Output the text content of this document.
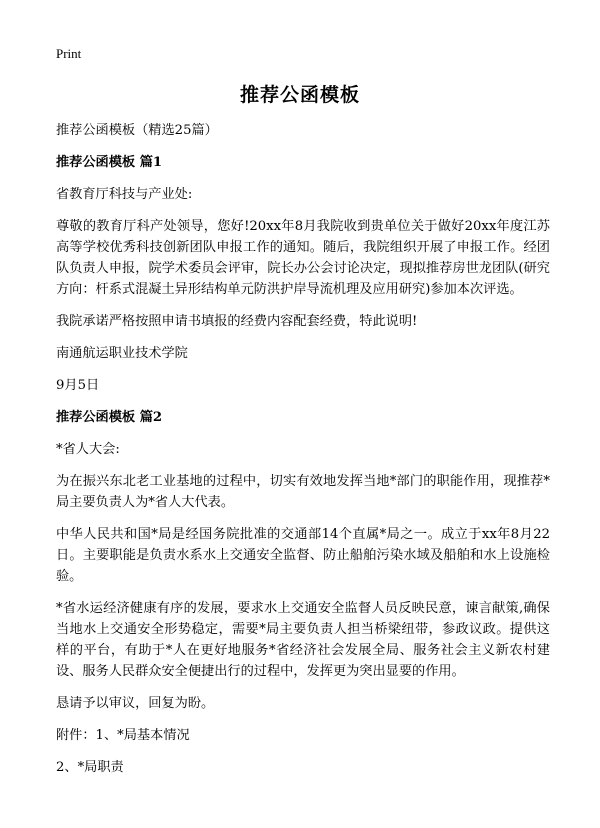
Print
推荐公函模板

推荐公函模板（精选25篇）

推荐公函模板 篇1

省教育厅科技与产业处:

尊敬的教育厅科产处领导，您好!20xx年8月我院收到贵单位关于做好20xx年度江苏高等学校优秀科技创新团队申报工作的通知。随后，我院组织开展了申报工作。经团队负责人申报，院学术委员会评审，院长办公会讨论决定，现拟推荐房世龙团队(研究方向：杆系式混凝土异形结构单元防洪护岸导流机理及应用研究)参加本次评选。

我院承诺严格按照申请书填报的经费内容配套经费，特此说明!

南通航运职业技术学院

9月5日

推荐公函模板 篇2

*省人大会:

为在振兴东北老工业基地的过程中，切实有效地发挥当地*部门的职能作用，现推荐*局主要负责人为*省人大代表。

中华人民共和国*局是经国务院批准的交通部14个直属*局之一。成立于xx年8月22日。主要职能是负责水系水上交通安全监督、防止船舶污染水域及船舶和水上设施检验。

*省水运经济健康有序的发展，要求水上交通安全监督人员反映民意，谏言献策,确保当地水上交通安全形势稳定，需要*局主要负责人担当桥梁纽带，参政议政。提供这样的平台，有助于*人在更好地服务*省经济社会发展全局、服务社会主义新农村建设、服务人民群众安全便捷出行的过程中，发挥更为突出显要的作用。

恳请予以审议，回复为盼。

附件：1、*局基本情况

2、*局职责
